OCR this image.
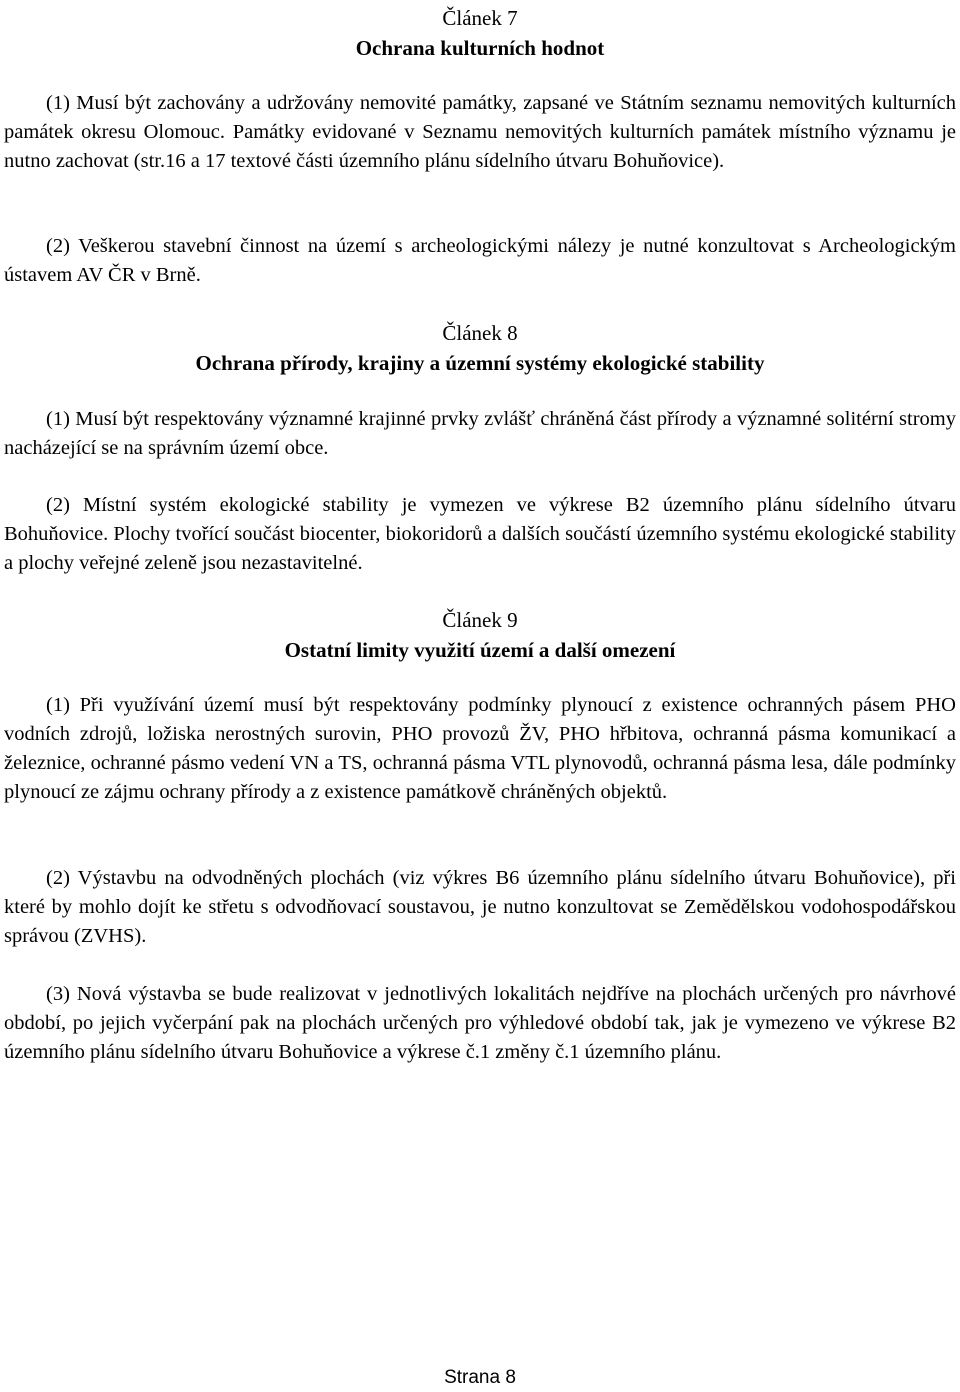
Článek 7
Ochrana kulturních hodnot

(1) Musí být zachovány a udržovány nemovité památky, zapsané ve Státním seznamu nemovitých kulturních památek okresu Olomouc. Památky evidované v Seznamu nemovitých kulturních památek místního významu je nutno zachovat (str.16 a 17 textové části územního plánu sídelního útvaru Bohuňovice).

(2) Veškerou stavební činnost na území s archeologickými nálezy je nutné konzultovat s Archeologickým ústavem AV ČR v Brně.

Článek 8
Ochrana přírody, krajiny a územní systémy ekologické stability

(1) Musí být respektovány významné krajinné prvky zvlášť chráněná část přírody a významné solitérní stromy nacházející se na správním území obce.

(2) Místní systém ekologické stability je vymezen ve výkrese B2 územního plánu sídelního útvaru Bohuňovice. Plochy tvořící součást biocenter, biokoridorů a dalších součástí územního systému ekologické stability a plochy veřejné zeleně jsou nezastavitelné.

Článek 9
Ostatní limity využití území a další omezení

(1) Při využívání území musí být respektovány podmínky plynoucí z existence ochranných pásem PHO vodních zdrojů, ložiska nerostných surovin, PHO provozů ŽV, PHO hřbitova, ochranná pásma komunikací a železnice, ochranné pásmo vedení VN a TS, ochranná pásma VTL plynovodů, ochranná pásma lesa, dále podmínky plynoucí ze zájmu ochrany přírody a z existence památkově chráněných objektů.

(2) Výstavbu na odvodněných plochách (viz výkres B6 územního plánu sídelního útvaru Bohuňovice), při které by mohlo dojít ke střetu s odvodňovací soustavou, je nutno konzultovat se Zemědělskou vodohospodářskou správou (ZVHS).

(3) Nová výstavba se bude realizovat v jednotlivých lokalitách nejdříve na plochách určených pro návrhové období, po jejich vyčerpání pak na plochách určených pro výhledové období tak, jak je vymezeno ve výkrese B2 územního plánu sídelního útvaru Bohuňovice a výkrese č.1 změny č.1 územního plánu.

Strana 8
